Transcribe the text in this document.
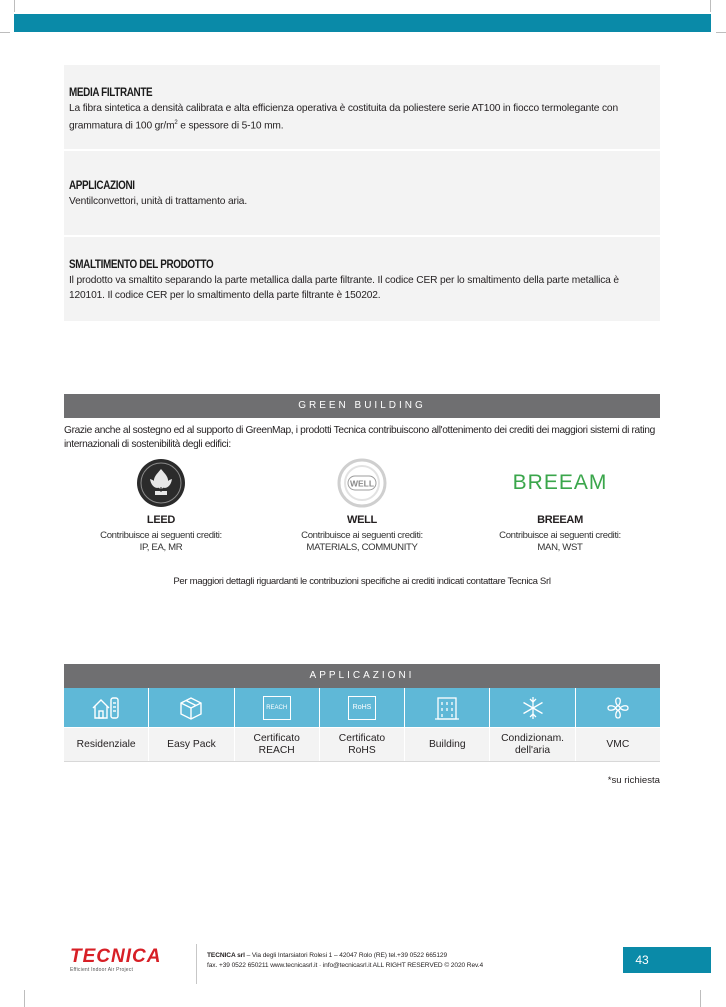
MEDIA FILTRANTE

La fibra sintetica a densità calibrata e alta efficienza operativa è costituita da poliestere serie AT100 in fiocco termolegante con grammatura di 100 $gr/m^2$ e spessore di 5-10 mm.

APPLICAZIONI

Ventilconvettori, unità di trattamento aria.

SMALTIMENTO DEL PRODOTTO

Il prodotto va smaltito separando la parte metallica dalla parte filtrante. Il codice CER per lo smaltimento della parte metallica è 120101. Il codice CER per lo smaltimento della parte filtrante è 150202.

GREEN BUILDING
Grazie anche al sostegno ed al supporto di GreenMap, i prodotti Tecnica contribuiscono all'ottenimento dei crediti dei maggiori sistemi di rating internazionali di sostenibilità degli edifici:
LEED
Contribuisce ai seguenti crediti:
IP, EA, MR
WELL
WELL
Contribuisce ai seguenti crediti:
MATERIALS, COMMUNITY
BREEAM
BREEAM
Contribuisce ai seguenti crediti:
MAN, WST
Per maggiori dettagli riguardanti le contribuzioni specifiche ai crediti indicati contattare Tecnica Srl
APPLICAZIONI
REACH	RoHS
Residenziale	Easy Pack
Certificato
REACH
Certificato
RoHS
Building
Condizionam.
dell'aria
VMC
*su richiesta
TECNICA
Efficient Indoor Air Project
TECNICA srl – Via degli Intarsiatori Rolesi 1 – 42047 Rolo (RE) tel.+39 0522 665129
fax. +39 0522 650211 www.tecnicasrl.it · info@tecnicasrl.it ALL RIGHT RESERVED © 2020 Rev.4	43
